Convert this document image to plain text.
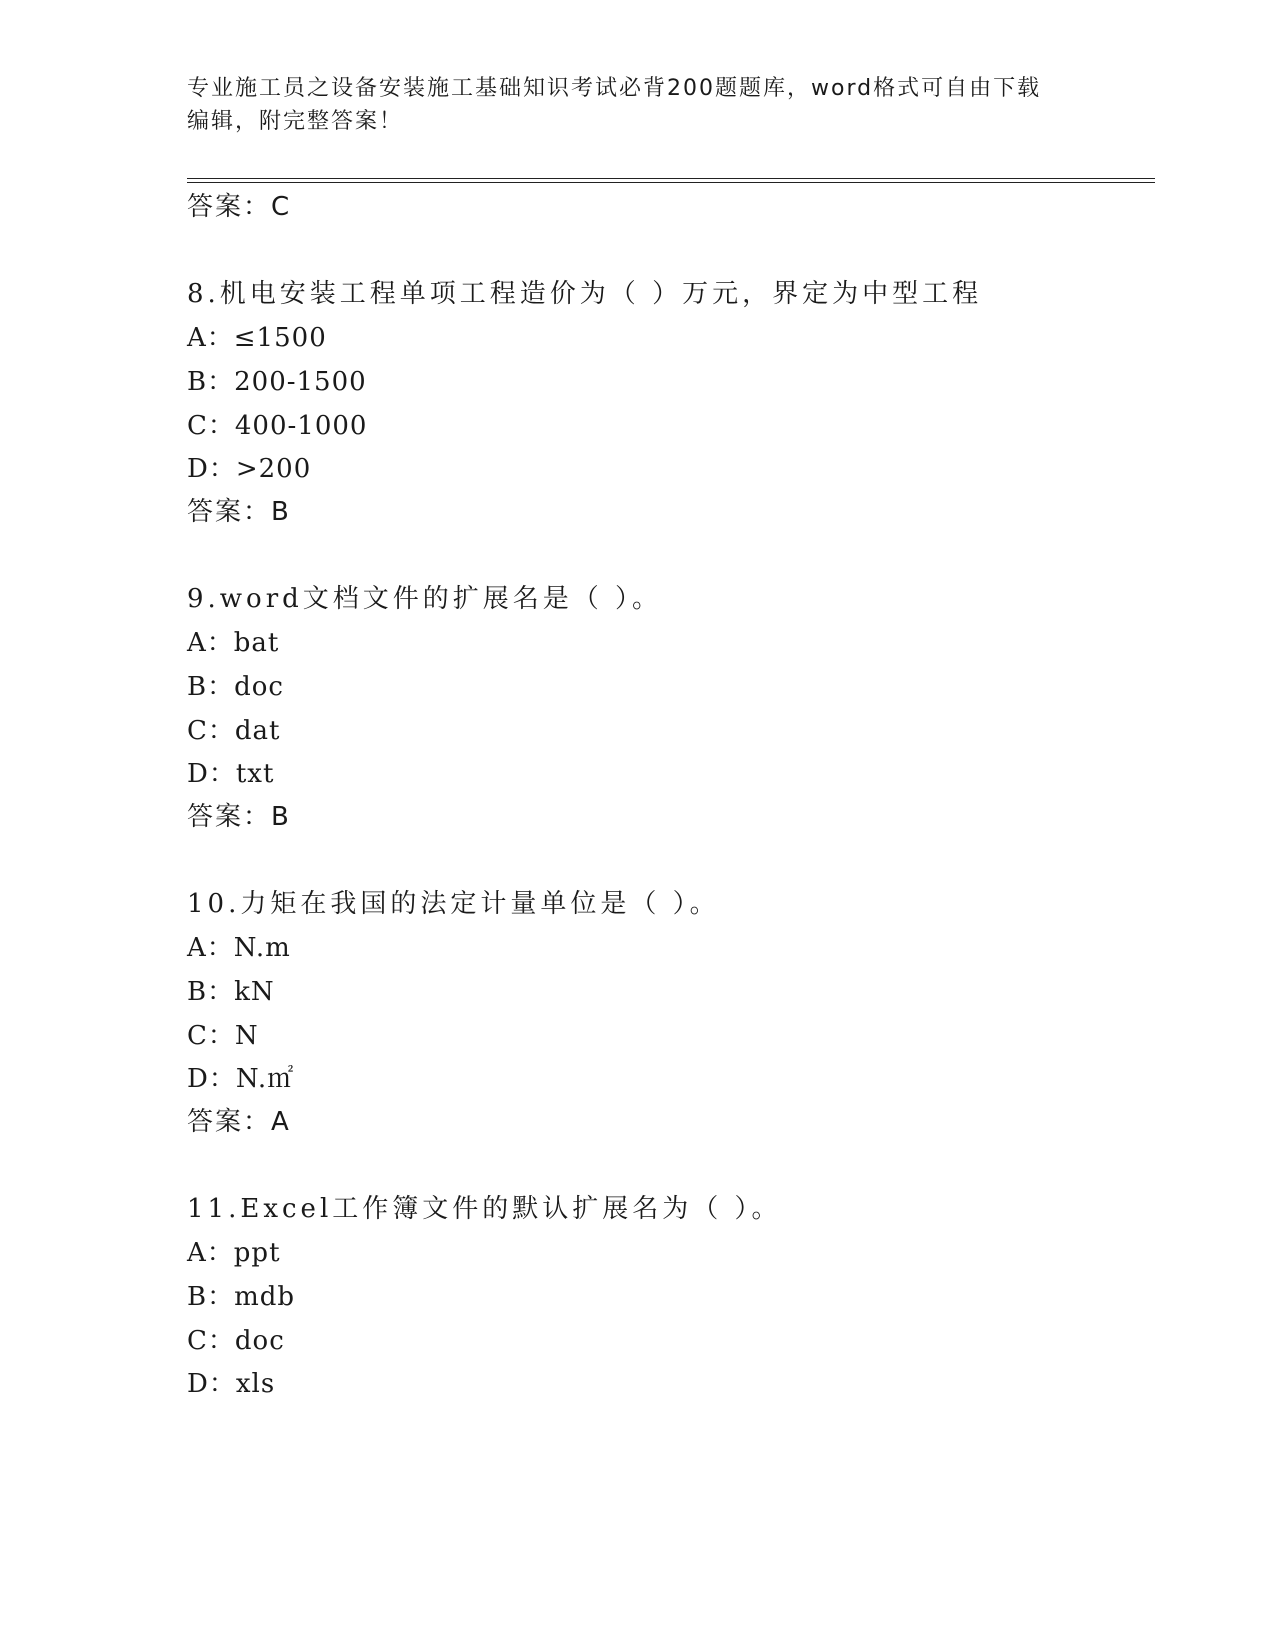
专业施工员之设备安装施工基础知识考试必背200题题库，word格式可自由下载
编辑，附完整答案！
答案：C
8.机电安装工程单项工程造价为（ ）万元，界定为中型工程
A：≤1500
B：200-1500
C：400-1000
D：>200
答案：B
9.word文档文件的扩展名是（ ）。
A：bat
B：doc
C：dat
D：txt
答案：B
10.力矩在我国的法定计量单位是（ ）。
A：N.m
B：kN
C：N
D：N.㎡
答案：A
11.Excel工作簿文件的默认扩展名为（ ）。
A：ppt
B：mdb
C：doc
D：xls
